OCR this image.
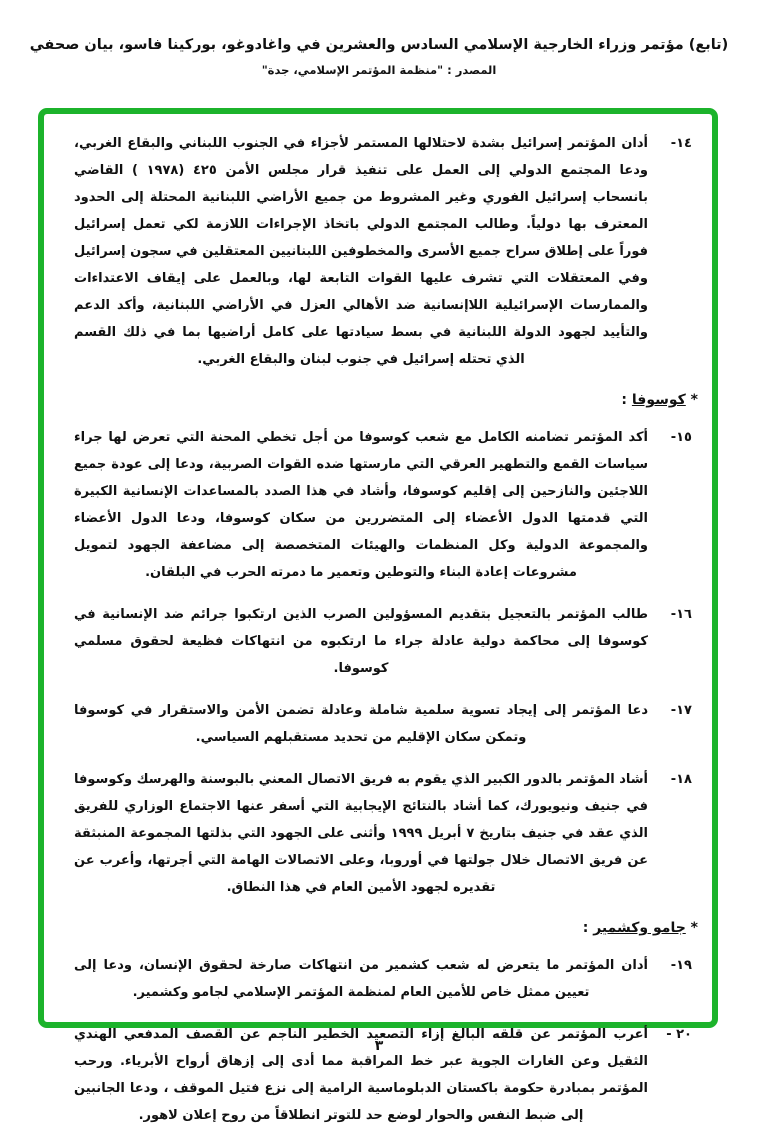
(تابع) مؤتمر وزراء الخارجية الإسلامي السادس والعشرين في واغادوغو، بوركينا فاسو، بيان صحفي
المصدر : "منظمة المؤتمر الإسلامي، جدة"
١٤-

أدان المؤتمر إسرائيل بشدة لاحتلالها المستمر لأجزاء في الجنوب اللبناني والبقاع الغربي، ودعا المجتمع الدولي إلى العمل على تنفيذ قرار مجلس الأمن ٤٢٥ (١٩٧٨ ) القاضي بانسحاب إسرائيل الفوري وغير المشروط من جميع الأراضي اللبنانية المحتلة إلى الحدود المعترف بها دولياً. وطالب المجتمع الدولي باتخاذ الإجراءات اللازمة لكي تعمل إسرائيل فوراً على إطلاق سراح جميع الأسرى والمخطوفين اللبنانيين المعتقلين في سجون إسرائيل وفي المعتقلات التي تشرف عليها القوات التابعة لها، وبالعمل على إيقاف الاعتداءات والممارسات الإسرائيلية اللاإنسانية ضد الأهالي العزل في الأراضي اللبنانية، وأكد الدعم والتأييد لجهود الدولة اللبنانية في بسط سيادتها على كامل أراضيها بما في ذلك القسم الذي تحتله إسرائيل في جنوب لبنان والبقاع الغربي.

* كوسوفا :
١٥-

أكد المؤتمر تضامنه الكامل مع شعب كوسوفا من أجل تخطي المحنة التي تعرض لها جراء سياسات القمع والتطهير العرقي التي مارستها ضده القوات الصربية، ودعا إلى عودة جميع اللاجئين والنازحين إلى إقليم كوسوفا، وأشاد في هذا الصدد بالمساعدات الإنسانية الكبيرة التي قدمتها الدول الأعضاء إلى المتضررين من سكان كوسوفا، ودعا الدول الأعضاء والمجموعة الدولية وكل المنظمات والهيئات المتخصصة إلى مضاعفة الجهود لتمويل مشروعات إعادة البناء والتوطين وتعمير ما دمرته الحرب في البلقان.

١٦-

طالب المؤتمر بالتعجيل بتقديم المسؤولين الصرب الذين ارتكبوا جرائم ضد الإنسانية في كوسوفا إلى محاكمة دولية عادلة جراء ما ارتكبوه من انتهاكات فظيعة لحقوق مسلمي كوسوفا.

١٧-

دعا المؤتمر إلى إيجاد تسوية سلمية شاملة وعادلة تضمن الأمن والاستقرار في كوسوفا وتمكن سكان الإقليم من تحديد مستقبلهم السياسي.

١٨-

أشاد المؤتمر بالدور الكبير الذي يقوم به فريق الاتصال المعني بالبوسنة والهرسك وكوسوفا في جنيف ونيويورك، كما أشاد بالنتائج الإيجابية التي أسفر عنها الاجتماع الوزاري للفريق الذي عقد في جنيف بتاريخ ٧ أبريل ١٩٩٩ وأثنى على الجهود التي بذلتها المجموعة المنبثقة عن فريق الاتصال خلال جولتها في أوروبا، وعلى الاتصالات الهامة التي أجرتها، وأعرب عن تقديره لجهود الأمين العام في هذا النطاق.

* جامو وكشمير :
١٩-

أدان المؤتمر ما يتعرض له شعب كشمير من انتهاكات صارخة لحقوق الإنسان، ودعا إلى تعيين ممثل خاص للأمين العام لمنظمة المؤتمر الإسلامي لجامو وكشمير.

٢٠ -

أعرب المؤتمر عن قلقه البالغ إزاء التصعيد الخطير الناجم عن القصف المدفعي الهندي الثقيل وعن الغارات الجوية عبر خط المراقبة مما أدى إلى إزهاق أرواح الأبرياء. ورحب المؤتمر بمبادرة حكومة باكستان الدبلوماسية الرامية إلى نزع فتيل الموقف ، ودعا الجانبين إلى ضبط النفس والحوار لوضع حد للتوتر انطلاقاً من روح إعلان لاهور.

٣
